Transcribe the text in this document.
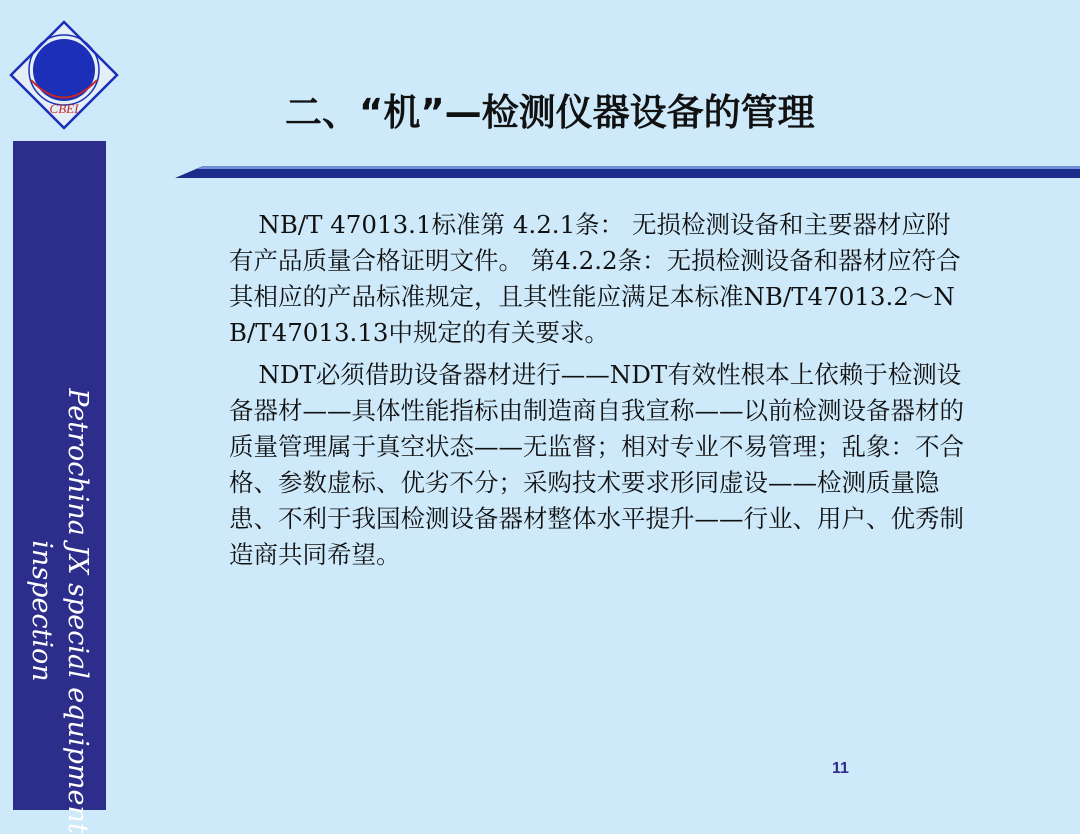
CBEI
Petrochina JX special equipment
inspection
二、“机”—检测仪器设备的管理

NB/T 47013.1标准第 4.2.1条： 无损检测设备和主要器材应附有产品质量合格证明文件。 第4.2.2条：无损检测设备和器材应符合其相应的产品标准规定，且其性能应满足本标准NB/T47013.2～NB/T47013.13中规定的有关要求。

NDT必须借助设备器材进行——NDT有效性根本上依赖于检测设备器材——具体性能指标由制造商自我宣称——以前检测设备器材的质量管理属于真空状态——无监督；相对专业不易管理；乱象：不合格、参数虚标、优劣不分；采购技术要求形同虚设——检测质量隐患、不利于我国检测设备器材整体水平提升——行业、用户、优秀制造商共同希望。

11
